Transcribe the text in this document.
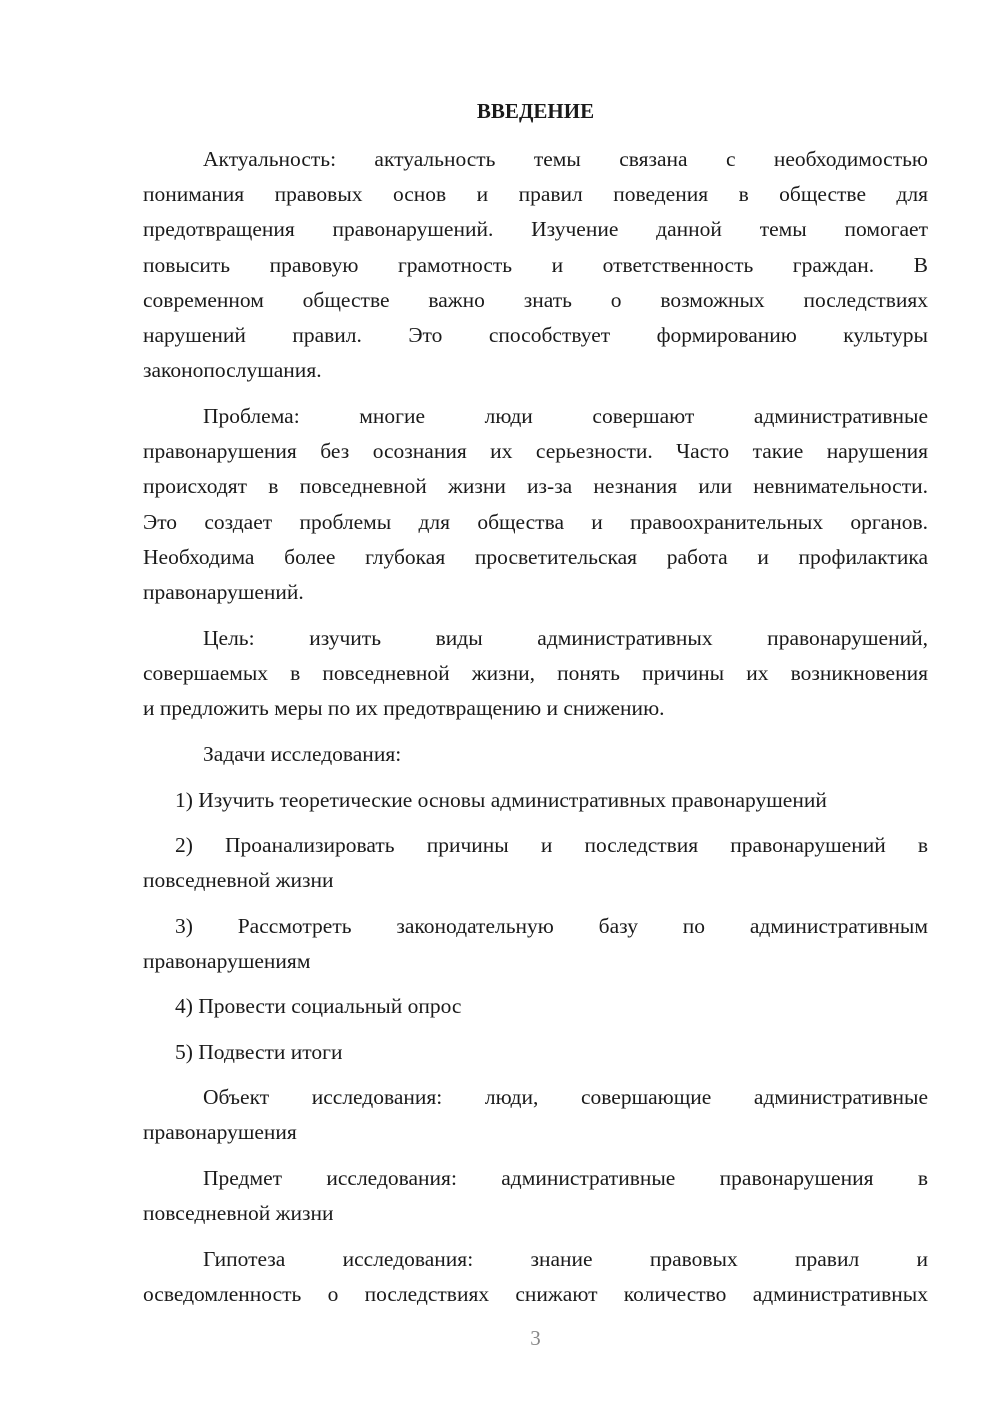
ВВЕДЕНИЕ

Актуальность: актуальность темы связана с необходимостью
понимания правовых основ и правил поведения в обществе для
предотвращения правонарушений. Изучение данной темы помогает
повысить правовую грамотность и ответственность граждан. В
современном обществе важно знать о возможных последствиях
нарушений правил. Это способствует формированию культуры
законопослушания.

Проблема: многие люди совершают административные
правонарушения без осознания их серьезности. Часто такие нарушения
происходят в повседневной жизни из-за незнания или невнимательности.
Это создает проблемы для общества и правоохранительных органов.
Необходима более глубокая просветительская работа и профилактика
правонарушений.

Цель: изучить виды административных правонарушений,
совершаемых в повседневной жизни, понять причины их возникновения
и предложить меры по их предотвращению и снижению.

Задачи исследования:

1) Изучить теоретические основы административных правонарушений

2) Проанализировать причины и последствия правонарушений в
повседневной жизни

3) Рассмотреть законодательную базу по административным
правонарушениям

4) Провести социальный опрос

5) Подвести итоги

Объект исследования: люди, совершающие административные
правонарушения

Предмет исследования: административные правонарушения в
повседневной жизни

Гипотеза исследования: знание правовых правил и
осведомленность о последствиях снижают количество административных

3
